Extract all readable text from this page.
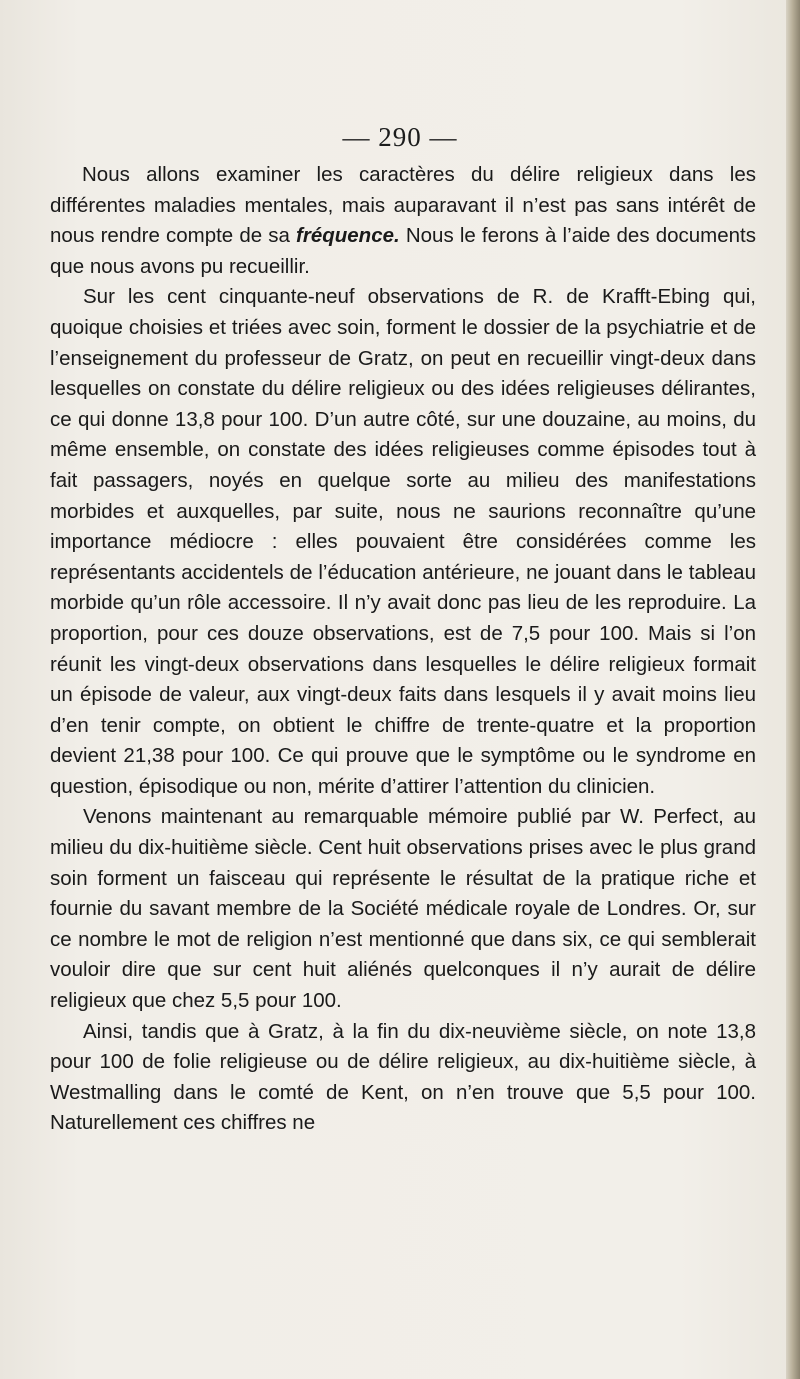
— 290 —

Nous allons examiner les caractères du délire religieux dans les différentes maladies mentales, mais auparavant il n’est pas sans intérêt de nous rendre compte de sa fréquence. Nous le ferons à l’aide des documents que nous avons pu recueillir.

Sur les cent cinquante-neuf observations de R. de Krafft-Ebing qui, quoique choisies et triées avec soin, forment le dossier de la psychiatrie et de l’enseignement du professeur de Gratz, on peut en recueillir vingt-deux dans lesquelles on constate du délire religieux ou des idées religieuses délirantes, ce qui donne 13,8 pour 100. D’un autre côté, sur une douzaine, au moins, du même ensemble, on constate des idées religieuses comme épisodes tout à fait passagers, noyés en quelque sorte au milieu des manifestations morbides et auxquelles, par suite, nous ne saurions reconnaître qu’une importance médiocre : elles pouvaient être considérées comme les représentants accidentels de l’éducation antérieure, ne jouant dans le tableau morbide qu’un rôle accessoire. Il n’y avait donc pas lieu de les reproduire. La proportion, pour ces douze observations, est de 7,5 pour 100. Mais si l’on réunit les vingt-deux observations dans lesquelles le délire religieux formait un épisode de valeur, aux vingt-deux faits dans lesquels il y avait moins lieu d’en tenir compte, on obtient le chiffre de trente-quatre et la proportion devient 21,38 pour 100. Ce qui prouve que le symptôme ou le syndrome en question, épisodique ou non, mérite d’attirer l’attention du clinicien.

Venons maintenant au remarquable mémoire publié par W. Perfect, au milieu du dix-huitième siècle. Cent huit observations prises avec le plus grand soin forment un faisceau qui représente le résultat de la pratique riche et fournie du savant membre de la Société médicale royale de Londres. Or, sur ce nombre le mot de religion n’est mentionné que dans six, ce qui semblerait vouloir dire que sur cent huit aliénés quelconques il n’y aurait de délire religieux que chez 5,5 pour 100.

Ainsi, tandis que à Gratz, à la fin du dix-neuvième siècle, on note 13,8 pour 100 de folie religieuse ou de délire religieux, au dix-huitième siècle, à Westmalling dans le comté de Kent, on n’en trouve que 5,5 pour 100. Naturellement ces chiffres ne
